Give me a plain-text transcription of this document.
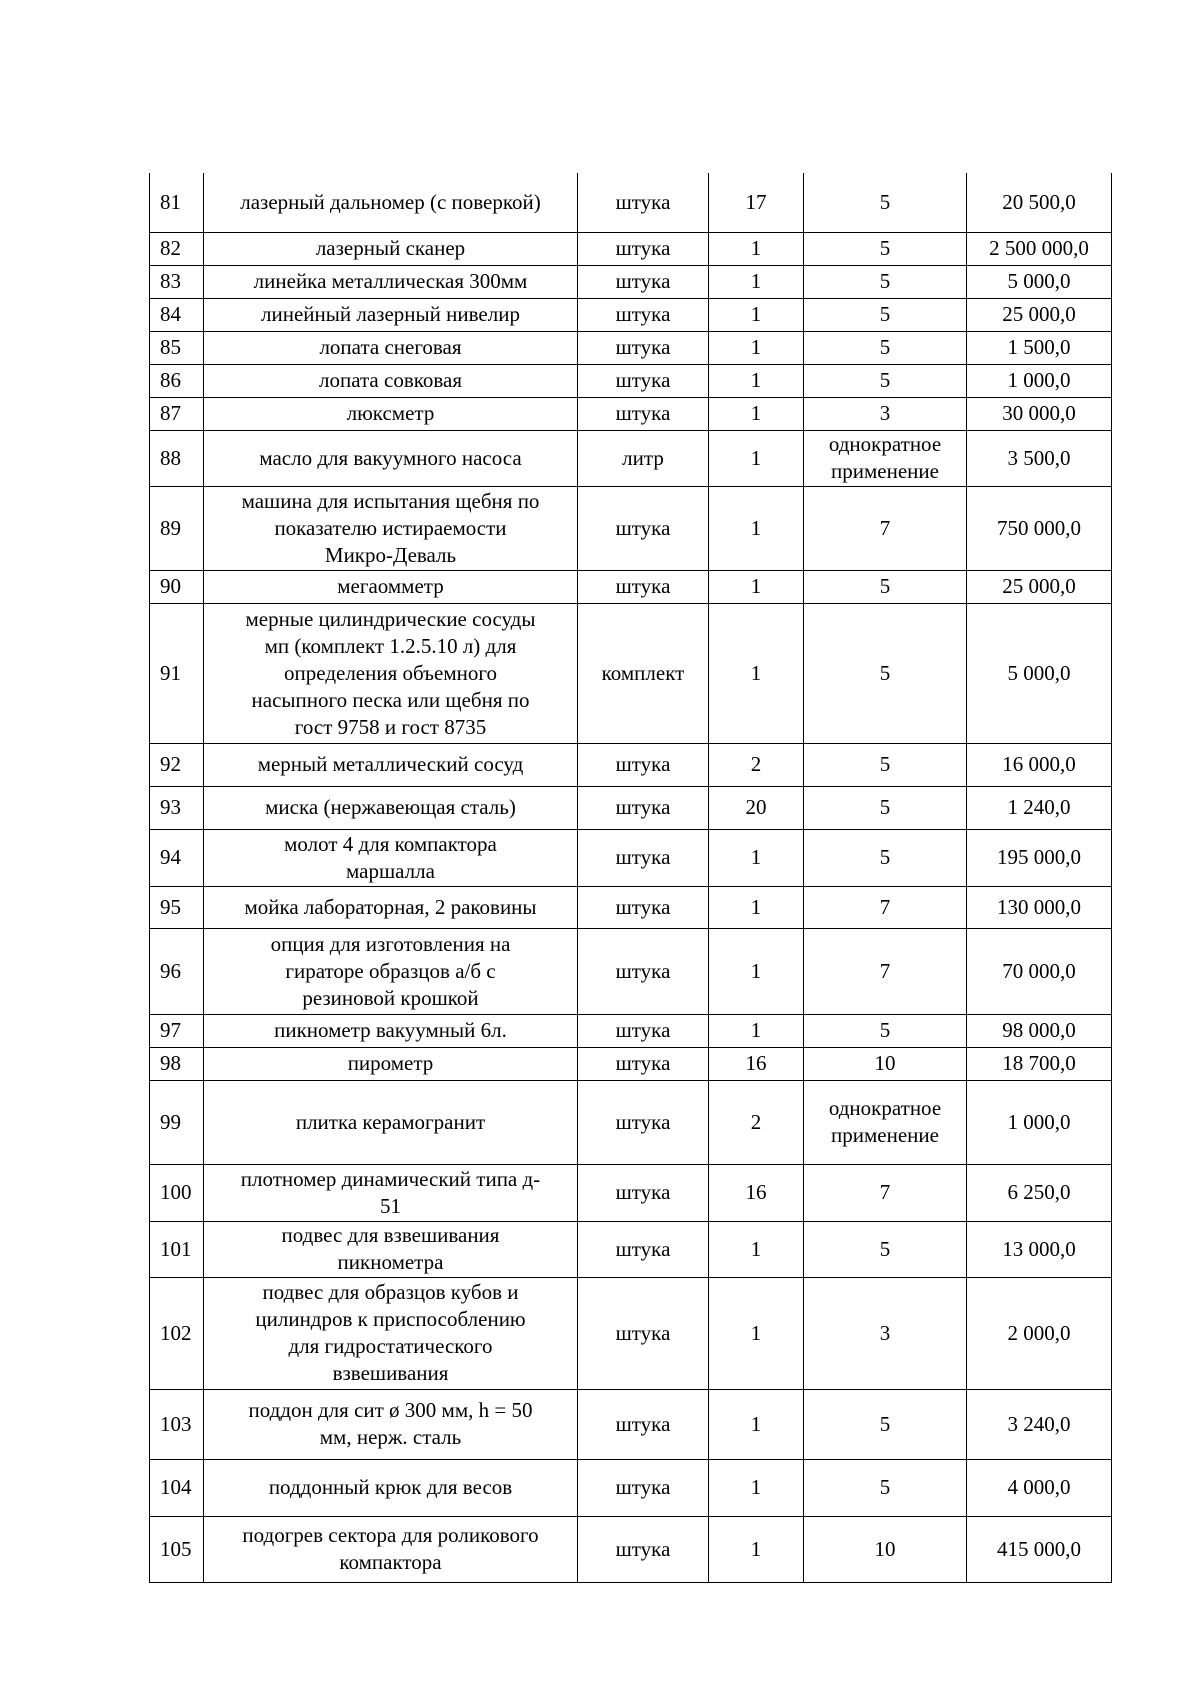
81	лазерный дальномер (с поверкой)	штука	17	5	20 500,0
82	лазерный сканер	штука	1	5	2 500 000,0
83	линейка металлическая 300мм	штука	1	5	5 000,0
84	линейный лазерный нивелир	штука	1	5	25 000,0
85	лопата снеговая	штука	1	5	1 500,0
86	лопата совковая	штука	1	5	1 000,0
87	люксметр	штука	1	3	30 000,0
88	масло для вакуумного насоса	литр	1	однократное
применение	3 500,0
89	машина для испытания щебня по
показателю истираемости
Микро-Деваль	штука	1	7	750 000,0
90	мегаомметр	штука	1	5	25 000,0
91	мерные цилиндрические сосуды
мп (комплект 1.2.5.10 л) для
определения объемного
насыпного песка или щебня по
гост 9758 и гост 8735	комплект	1	5	5 000,0
92	мерный металлический сосуд	штука	2	5	16 000,0
93	миска (нержавеющая сталь)	штука	20	5	1 240,0
94	молот 4 для компактора
маршалла	штука	1	5	195 000,0
95	мойка лабораторная, 2 раковины	штука	1	7	130 000,0
96	опция для изготовления на
гираторе образцов а/б с
резиновой крошкой	штука	1	7	70 000,0
97	пикнометр вакуумный 6л.	штука	1	5	98 000,0
98	пирометр	штука	16	10	18 700,0
99	плитка керамогранит	штука	2	однократное
применение	1 000,0
100	плотномер динамический типа д-
51	штука	16	7	6 250,0
101	подвес для взвешивания
пикнометра	штука	1	5	13 000,0
102	подвес для образцов кубов и
цилиндров к приспособлению
для гидростатического
взвешивания	штука	1	3	2 000,0
103	поддон для сит ø 300 мм, h = 50
мм, нерж. сталь	штука	1	5	3 240,0
104	поддонный крюк для весов	штука	1	5	4 000,0
105	подогрев сектора для роликового
компактора	штука	1	10	415 000,0
